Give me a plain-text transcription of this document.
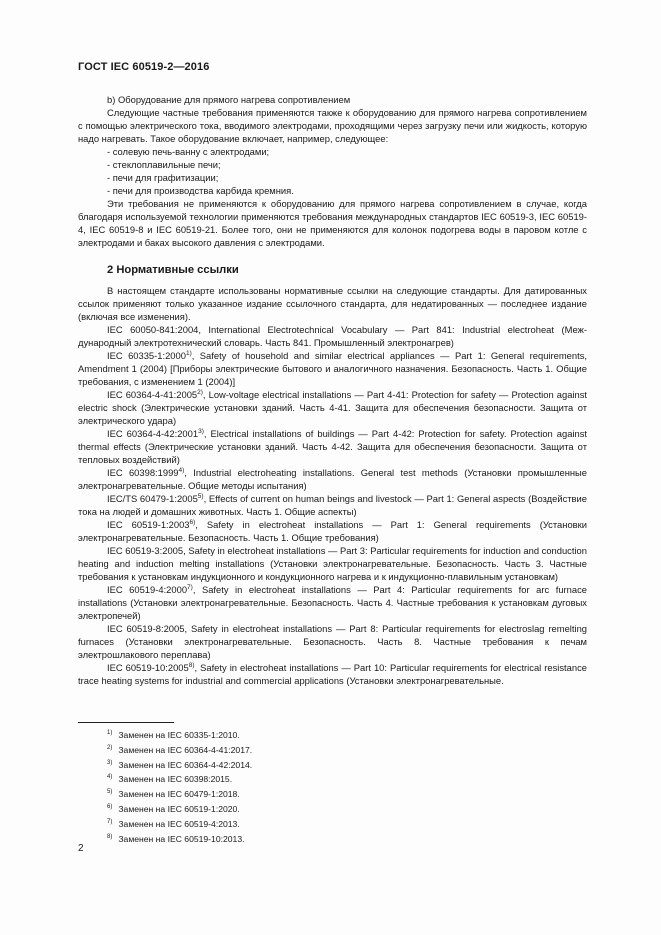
ГОСТ IEC 60519-2—2016

b) Оборудование для прямого нагрева сопротивлением

Следующие частные требования применяются также к оборудованию для прямого нагрева сопротивлением с помощью электрического тока, вводимого электродами, проходящими через загрузку печи или жидкость, которую надо нагревать. Такое оборудование включает, например, следующее:

- солевую печь-ванну с электродами;

- стеклоплавильные печи;

- печи для графитизации;

- печи для производства карбида кремния.

Эти требования не применяются к оборудованию для прямого нагрева сопротивлением в случае, когда благодаря используемой технологии применяются требования международных стандартов IEC 60519-3, IEC 60519-4, IEC 60519-8 и IEC 60519-21. Более того, они не применяются для колонок подогрева воды в паровом котле с электродами и баках высокого давления с электродами.

2 Нормативные ссылки

В настоящем стандарте использованы нормативные ссылки на следующие стандарты. Для датированных ссылок применяют только указанное издание ссылочного стандарта, для недатированных — последнее издание (включая все изменения).

IEC 60050-841:2004, International Electrotechnical Vocabulary — Part 841: Industrial electroheat (Международный электротехнический словарь. Часть 841. Промышленный электронагрев)

IEC 60335-1:2000$^{1)}$, Safety of household and similar electrical appliances — Part 1: General requirements, Amendment 1 (2004) [Приборы электрические бытового и аналогичного назначения. Безопасность. Часть 1. Общие требования, с изменением 1 (2004)]

IEC 60364-4-41:2005$^{2)}$, Low-voltage electrical installations — Part 4-41: Protection for safety — Protection against electric shock (Электрические установки зданий. Часть 4-41. Защита для обеспечения безопасности. Защита от электрического удара)

IEC 60364-4-42:2001$^{3)}$, Electrical installations of buildings — Part 4-42: Protection for safety. Protection against thermal effects (Электрические установки зданий. Часть 4-42. Защита для обеспечения безопасности. Защита от тепловых воздействий)

IEC 60398:1999$^{4)}$, Industrial electroheating installations. General test methods (Установки промышленные электронагревательные. Общие методы испытания)

IEC/TS 60479-1:2005$^{5)}$, Effects of current on human beings and livestock — Part 1: General aspects (Воздействие тока на людей и домашних животных. Часть 1. Общие аспекты)

IEC 60519-1:2003$^{6)}$, Safety in electroheat installations — Part 1: General requirements (Установки электронагревательные. Безопасность. Часть 1. Общие требования)

IEC 60519-3:2005, Safety in electroheat installations — Part 3: Particular requirements for induction and conduction heating and induction melting installations (Установки электронагревательные. Безопасность. Часть 3. Частные требования к установкам индукционного и кондукционного нагрева и к индукционно-плавильным установкам)

IEC 60519-4:2000$^{7)}$, Safety in electroheat installations — Part 4: Particular requirements for arc furnace installations (Установки электронагревательные. Безопасность. Часть 4. Частные требования к установкам дуговых электропечей)

IEC 60519-8:2005, Safety in electroheat installations — Part 8: Particular requirements for electroslag remelting furnaces (Установки электронагревательные. Безопасность. Часть 8. Частные требования к печам электрошлакового переплава)

IEC 60519-10:2005$^{8)}$, Safety in electroheat installations — Part 10: Particular requirements for electrical resistance trace heating systems for industrial and commercial applications (Установки электронагревательные.

$^{1)}$ Заменен на IEC 60335-1:2010.
$^{2)}$ Заменен на IEC 60364-4-41:2017.
$^{3)}$ Заменен на IEC 60364-4-42:2014.
$^{4)}$ Заменен на IEC 60398:2015.
$^{5)}$ Заменен на IEC 60479-1:2018.
$^{6)}$ Заменен на IEC 60519-1:2020.
$^{7)}$ Заменен на IEC 60519-4:2013.
$^{8)}$ Заменен на IEC 60519-10:2013.
2
